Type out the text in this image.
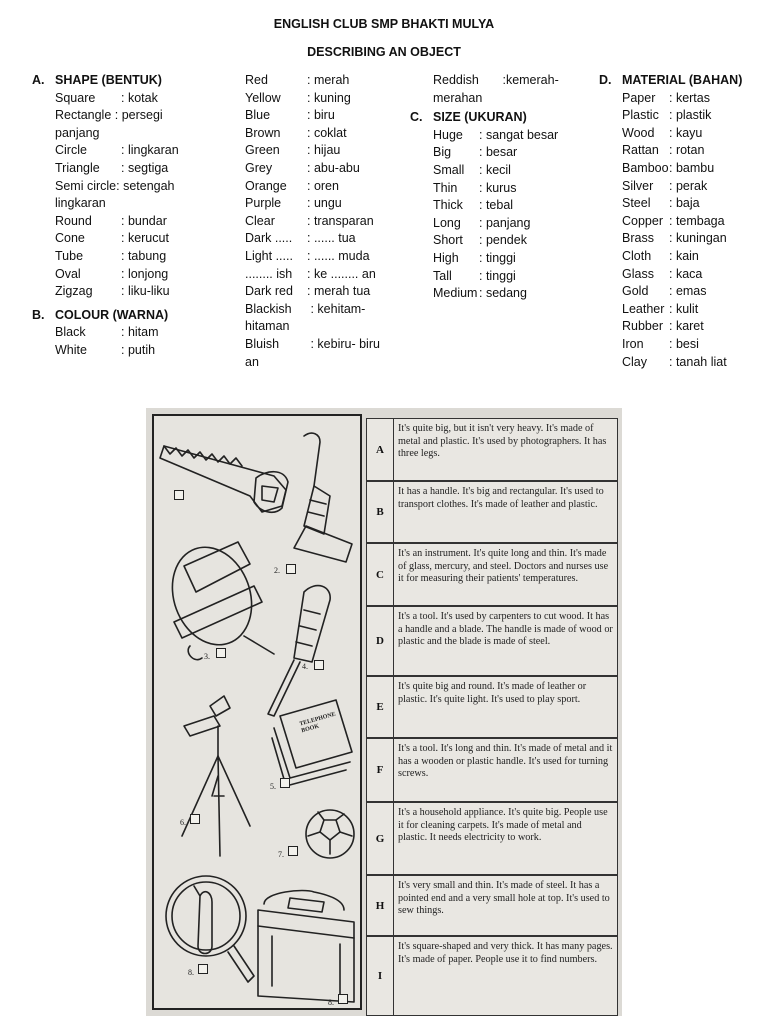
ENGLISH CLUB SMP BHAKTI MULYA
DESCRIBING AN OBJECT
A. SHAPE (BENTUK)
Square	: kotak
Rectangle : persegi panjang
Circle	: lingkaran
Triangle	: segtiga
Semi circle: setengah lingkaran
Round	: bundar
Cone	: kerucut
Tube	: tabung
Oval	: lonjong
Zigzag	: liku-liku
B. COLOUR (WARNA)
Black	: hitam
White	: putih
Red	: merah
Yellow	: kuning
Blue	: biru
Brown	: coklat
Green	: hijau
Grey	: abu-abu
Orange	: oren
Purple	: ungu
Clear	: transparan
Dark .....	: ...... tua
Light .....	: ...... muda
........ ish	: ke ........ an
Dark red	: merah tua
Blackish : kehitam- hitaman
Bluish : kebiru- biru an
Reddish :kemerah- merahan
C. SIZE (UKURAN)
Huge	: sangat besar
Big	: besar
Small	: kecil
Thin	: kurus
Thick	: tebal
Long	: panjang
Short	: pendek
High	: tinggi
Tall	: tinggi
Medium : sedang
D. MATERIAL (BAHAN)
Paper	: kertas
Plastic : plastik
Wood	: kayu
Rattan : rotan
Bamboo : bambu
Silver	: perak
Steel	: baja
Copper : tembaga
Brass	: kuningan
Cloth	: kain
Glass	: kaca
Gold	: emas
Leather : kulit
Rubber : karet
Iron	: besi
Clay	: tanah liat
2.
3.
4.
5.
6.
7.
8.
8.
TELEPHONE BOOK
A
It's quite big, but it isn't very heavy. It's made of metal and plastic. It's used by photographers. It has three legs.
B
It has a handle. It's big and rectangular. It's used to transport clothes. It's made of leather and plastic.
C
It's an instrument. It's quite long and thin. It's made of glass, mercury, and steel. Doctors and nurses use it for measuring their patients' temperatures.
D
It's a tool. It's used by carpenters to cut wood. It has a handle and a blade. The handle is made of wood or plastic and the blade is made of steel.
E
It's quite big and round. It's made of leather or plastic. It's quite light. It's used to play sport.
F
It's a tool. It's long and thin. It's made of metal and it has a wooden or plastic handle. It's used for turning screws.
G
It's a household appliance. It's quite big. People use it for cleaning carpets. It's made of metal and plastic. It needs electricity to work.
H
It's very small and thin. It's made of steel. It has a pointed end and a very small hole at top. It's used to sew things.
I
It's square-shaped and very thick. It has many pages. It's made of paper. People use it to find numbers.
